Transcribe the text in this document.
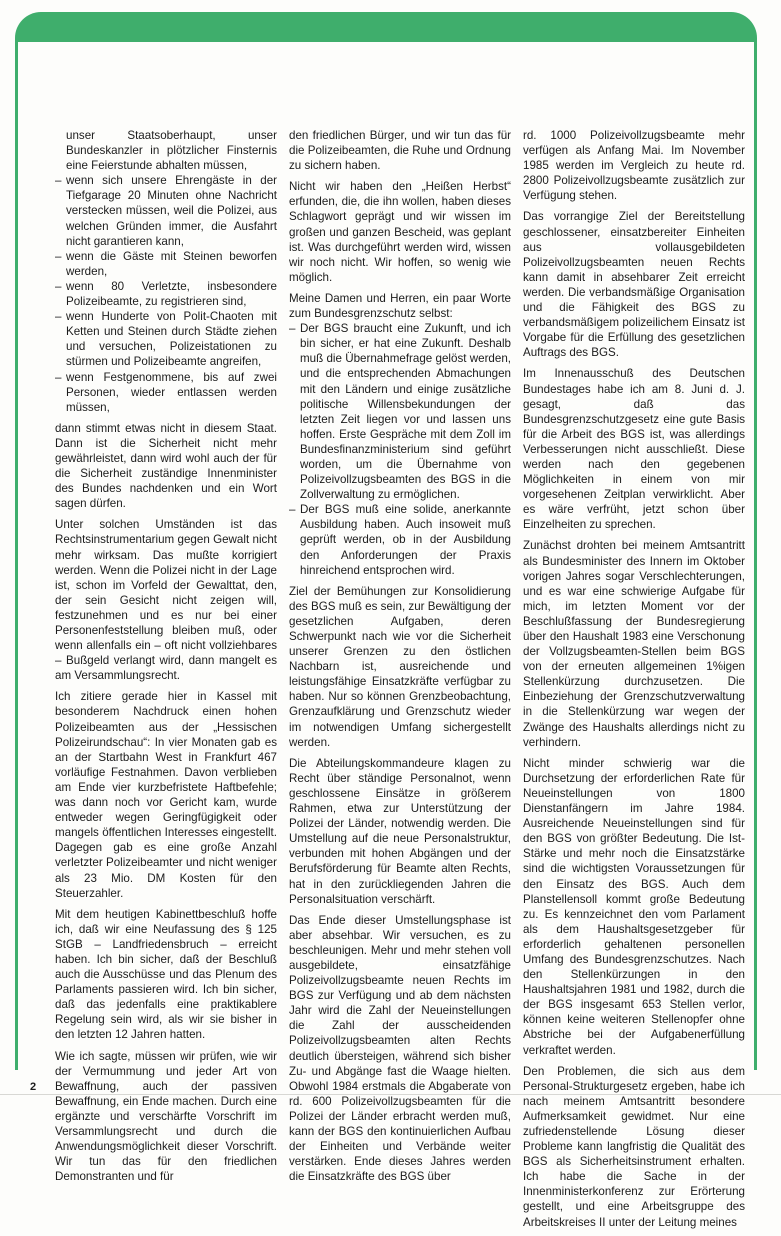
unser Staatsoberhaupt, unser Bundeskanzler in plötzlicher Finsternis eine Feierstunde abhalten müssen,
– wenn sich unsere Ehrengäste in der Tiefgarage 20 Minuten ohne Nachricht verstecken müssen, weil die Polizei, aus welchen Gründen immer, die Ausfahrt nicht garantieren kann,
– wenn die Gäste mit Steinen beworfen werden,
– wenn 80 Verletzte, insbesondere Polizeibeamte, zu registrieren sind,
– wenn Hunderte von Polit-Chaoten mit Ketten und Steinen durch Städte ziehen und versuchen, Polizeistationen zu stürmen und Polizeibeamte angreifen,
– wenn Festgenommene, bis auf zwei Personen, wieder entlassen werden müssen,

dann stimmt etwas nicht in diesem Staat. Dann ist die Sicherheit nicht mehr gewährleistet, dann wird wohl auch der für die Sicherheit zuständige Innenminister des Bundes nachdenken und ein Wort sagen dürfen.

Unter solchen Umständen ist das Rechtsinstrumentarium gegen Gewalt nicht mehr wirksam. Das mußte korrigiert werden. Wenn die Polizei nicht in der Lage ist, schon im Vorfeld der Gewalttat, den, der sein Gesicht nicht zeigen will, festzunehmen und es nur bei einer Personenfeststellung bleiben muß, oder wenn allenfalls ein – oft nicht vollziehbares – Bußgeld verlangt wird, dann mangelt es am Versammlungsrecht.

Ich zitiere gerade hier in Kassel mit besonderem Nachdruck einen hohen Polizeibeamten aus der „Hessischen Polizeirundschau“: In vier Monaten gab es an der Startbahn West in Frankfurt 467 vorläufige Festnahmen. Davon verblieben am Ende vier kurzbefristete Haftbefehle; was dann noch vor Gericht kam, wurde entweder wegen Geringfügigkeit oder mangels öffentlichen Interesses eingestellt. Dagegen gab es eine große Anzahl verletzter Polizeibeamter und nicht weniger als 23 Mio. DM Kosten für den Steuerzahler.

Mit dem heutigen Kabinettbeschluß hoffe ich, daß wir eine Neufassung des § 125 StGB – Landfriedensbruch – erreicht haben. Ich bin sicher, daß der Beschluß auch die Ausschüsse und das Plenum des Parlaments passieren wird. Ich bin sicher, daß das jedenfalls eine praktikablere Regelung sein wird, als wir sie bisher in den letzten 12 Jahren hatten.

Wie ich sagte, müssen wir prüfen, wie wir der Vermummung und jeder Art von Bewaffnung, auch der passiven Bewaffnung, ein Ende machen. Durch eine ergänzte und verschärfte Vorschrift im Versammlungsrecht und durch die Anwendungsmöglichkeit dieser Vorschrift. Wir tun das für den friedlichen Demonstranten und für

den friedlichen Bürger, und wir tun das für die Polizeibeamten, die Ruhe und Ordnung zu sichern haben.

Nicht wir haben den „Heißen Herbst“ erfunden, die, die ihn wollen, haben dieses Schlagwort geprägt und wir wissen im großen und ganzen Bescheid, was geplant ist. Was durchgeführt werden wird, wissen wir noch nicht. Wir hoffen, so wenig wie möglich.

Meine Damen und Herren, ein paar Worte zum Bundesgrenzschutz selbst:

– Der BGS braucht eine Zukunft, und ich bin sicher, er hat eine Zukunft. Deshalb muß die Übernahmefrage gelöst werden, und die entsprechenden Abmachungen mit den Ländern und einige zusätzliche politische Willensbekundungen der letzten Zeit liegen vor und lassen uns hoffen. Erste Gespräche mit dem Zoll im Bundesfinanzministerium sind geführt worden, um die Übernahme von Polizeivollzugsbeamten des BGS in die Zollverwaltung zu ermöglichen.
– Der BGS muß eine solide, anerkannte Ausbildung haben. Auch insoweit muß geprüft werden, ob in der Ausbildung den Anforderungen der Praxis hinreichend entsprochen wird.

Ziel der Bemühungen zur Konsolidierung des BGS muß es sein, zur Bewältigung der gesetzlichen Aufgaben, deren Schwerpunkt nach wie vor die Sicherheit unserer Grenzen zu den östlichen Nachbarn ist, ausreichende und leistungsfähige Einsatzkräfte verfügbar zu haben. Nur so können Grenzbeobachtung, Grenzaufklärung und Grenzschutz wieder im notwendigen Umfang sichergestellt werden.

Die Abteilungskommandeure klagen zu Recht über ständige Personalnot, wenn geschlossene Einsätze in größerem Rahmen, etwa zur Unterstützung der Polizei der Länder, notwendig werden. Die Umstellung auf die neue Personalstruktur, verbunden mit hohen Abgängen und der Berufsförderung für Beamte alten Rechts, hat in den zurückliegenden Jahren die Personalsituation verschärft.

Das Ende dieser Umstellungsphase ist aber absehbar. Wir versuchen, es zu beschleunigen. Mehr und mehr stehen voll ausgebildete, einsatzfähige Polizeivollzugsbeamte neuen Rechts im BGS zur Verfügung und ab dem nächsten Jahr wird die Zahl der Neueinstellungen die Zahl der ausscheidenden Polizeivollzugsbeamten alten Rechts deutlich übersteigen, während sich bisher Zu- und Abgänge fast die Waage hielten. Obwohl 1984 erstmals die Abgaberate von rd. 600 Polizeivollzugsbeamten für die Polizei der Länder erbracht werden muß, kann der BGS den kontinuierlichen Aufbau der Einheiten und Verbände weiter verstärken. Ende dieses Jahres werden die Einsatzkräfte des BGS über

rd. 1000 Polizeivollzugsbeamte mehr verfügen als Anfang Mai. Im November 1985 werden im Vergleich zu heute rd. 2800 Polizeivollzugsbeamte zusätzlich zur Verfügung stehen.

Das vorrangige Ziel der Bereitstellung geschlossener, einsatzbereiter Einheiten aus vollausgebildeten Polizeivollzugsbeamten neuen Rechts kann damit in absehbarer Zeit erreicht werden. Die verbandsmäßige Organisation und die Fähigkeit des BGS zu verbandsmäßigem polizeilichem Einsatz ist Vorgabe für die Erfüllung des gesetzlichen Auftrags des BGS.

Im Innenausschuß des Deutschen Bundestages habe ich am 8. Juni d. J. gesagt, daß das Bundesgrenzschutzgesetz eine gute Basis für die Arbeit des BGS ist, was allerdings Verbesserungen nicht ausschließt. Diese werden nach den gegebenen Möglichkeiten in einem von mir vorgesehenen Zeitplan verwirklicht. Aber es wäre verfrüht, jetzt schon über Einzelheiten zu sprechen.

Zunächst drohten bei meinem Amtsantritt als Bundesminister des Innern im Oktober vorigen Jahres sogar Verschlechterungen, und es war eine schwierige Aufgabe für mich, im letzten Moment vor der Beschlußfassung der Bundesregierung über den Haushalt 1983 eine Verschonung der Vollzugsbeamten-Stellen beim BGS von der erneuten allgemeinen 1%igen Stellenkürzung durchzusetzen. Die Einbeziehung der Grenzschutzverwaltung in die Stellenkürzung war wegen der Zwänge des Haushalts allerdings nicht zu verhindern.

Nicht minder schwierig war die Durchsetzung der erforderlichen Rate für Neueinstellungen von 1800 Dienstanfängern im Jahre 1984. Ausreichende Neueinstellungen sind für den BGS von größter Bedeutung. Die Ist-Stärke und mehr noch die Einsatzstärke sind die wichtigsten Voraussetzungen für den Einsatz des BGS. Auch dem Planstellensoll kommt große Bedeutung zu. Es kennzeichnet den vom Parlament als dem Haushaltsgesetzgeber für erforderlich gehaltenen personellen Umfang des Bundesgrenzschutzes. Nach den Stellenkürzungen in den Haushaltsjahren 1981 und 1982, durch die der BGS insgesamt 653 Stellen verlor, können keine weiteren Stellenopfer ohne Abstriche bei der Aufgabenerfüllung verkraftet werden.

Den Problemen, die sich aus dem Personal-Strukturgesetz ergeben, habe ich nach meinem Amtsantritt besondere Aufmerksamkeit gewidmet. Nur eine zufriedenstellende Lösung dieser Probleme kann langfristig die Qualität des BGS als Sicherheitsinstrument erhalten. Ich habe die Sache in der Innenministerkonferenz zur Erörterung gestellt, und eine Arbeitsgruppe des Arbeitskreises II unter der Leitung meines

2
